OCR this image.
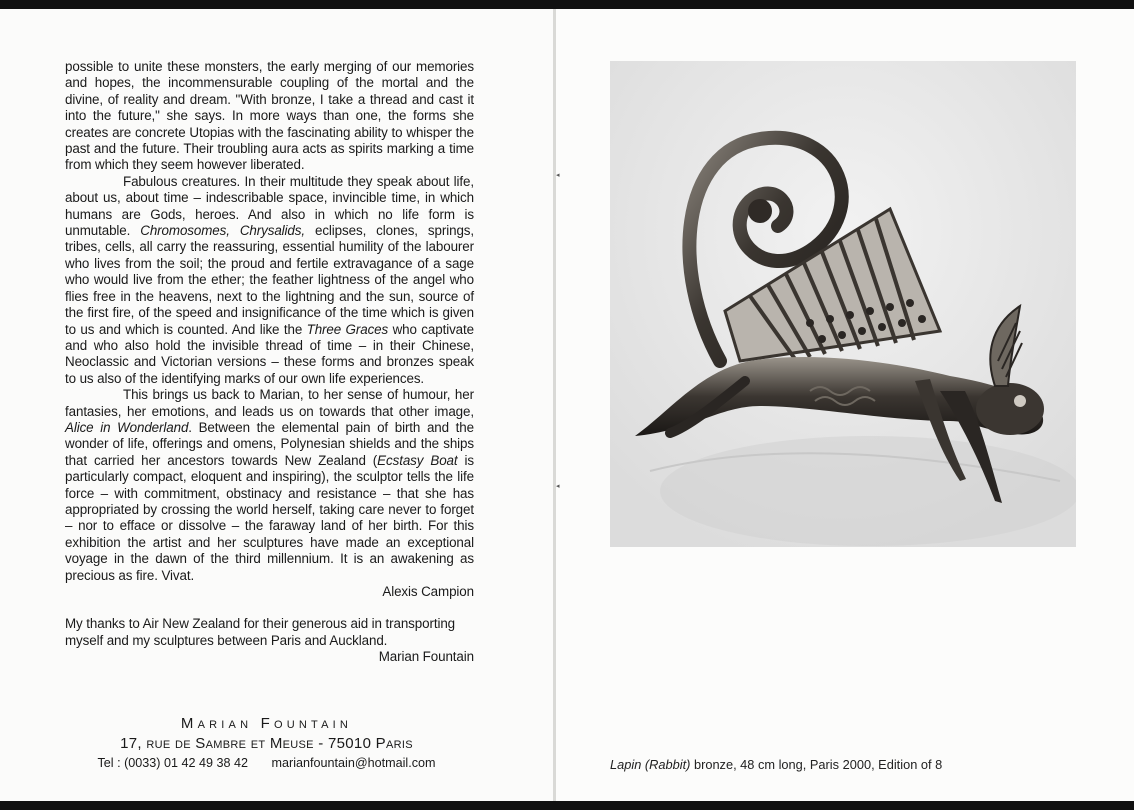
possible to unite these monsters, the early merging of our memories and hopes, the incommensurable coupling of the mortal and the divine, of reality and dream. "With bronze, I take a thread and cast it into the future," she says. In more ways than one, the forms she creates are concrete Utopias with the fascinating ability to whisper the past and the future. Their troubling aura acts as spirits marking a time from which they seem however liberated.

Fabulous creatures. In their multitude they speak about life, about us, about time – indescribable space, invincible time, in which humans are Gods, heroes. And also in which no life form is unmutable. Chromosomes, Chrysalids, eclipses, clones, springs, tribes, cells, all carry the reassuring, essential humility of the labourer who lives from the soil; the proud and fertile extravagance of a sage who would live from the ether; the feather lightness of the angel who flies free in the heavens, next to the lightning and the sun, source of the first fire, of the speed and insignificance of the time which is given to us and which is counted. And like the Three Graces who captivate and who also hold the invisible thread of time – in their Chinese, Neoclassic and Victorian versions – these forms and bronzes speak to us also of the identifying marks of our own life experiences.

This brings us back to Marian, to her sense of humour, her fantasies, her emotions, and leads us on towards that other image, Alice in Wonderland. Between the elemental pain of birth and the wonder of life, offerings and omens, Polynesian shields and the ships that carried her ancestors towards New Zealand (Ecstasy Boat is particularly compact, eloquent and inspiring), the sculptor tells the life force – with commitment, obstinacy and resistance – that she has appropriated by crossing the world herself, taking care never to forget – nor to efface or dissolve – the faraway land of her birth. For this exhibition the artist and her sculptures have made an exceptional voyage in the dawn of the third millennium. It is an awakening as precious as fire. Vivat.

Alexis Campion

My thanks to Air New Zealand for their generous aid in transporting myself and my sculptures between Paris and Auckland.

Marian Fountain

Marian Fountain
17, rue de Sambre et Meuse - 75010 Paris
Tel : (0033) 01 42 49 38 42 marianfountain@hotmail.com
◂
◂
Lapin (Rabbit) bronze, 48 cm long, Paris 2000, Edition of 8
